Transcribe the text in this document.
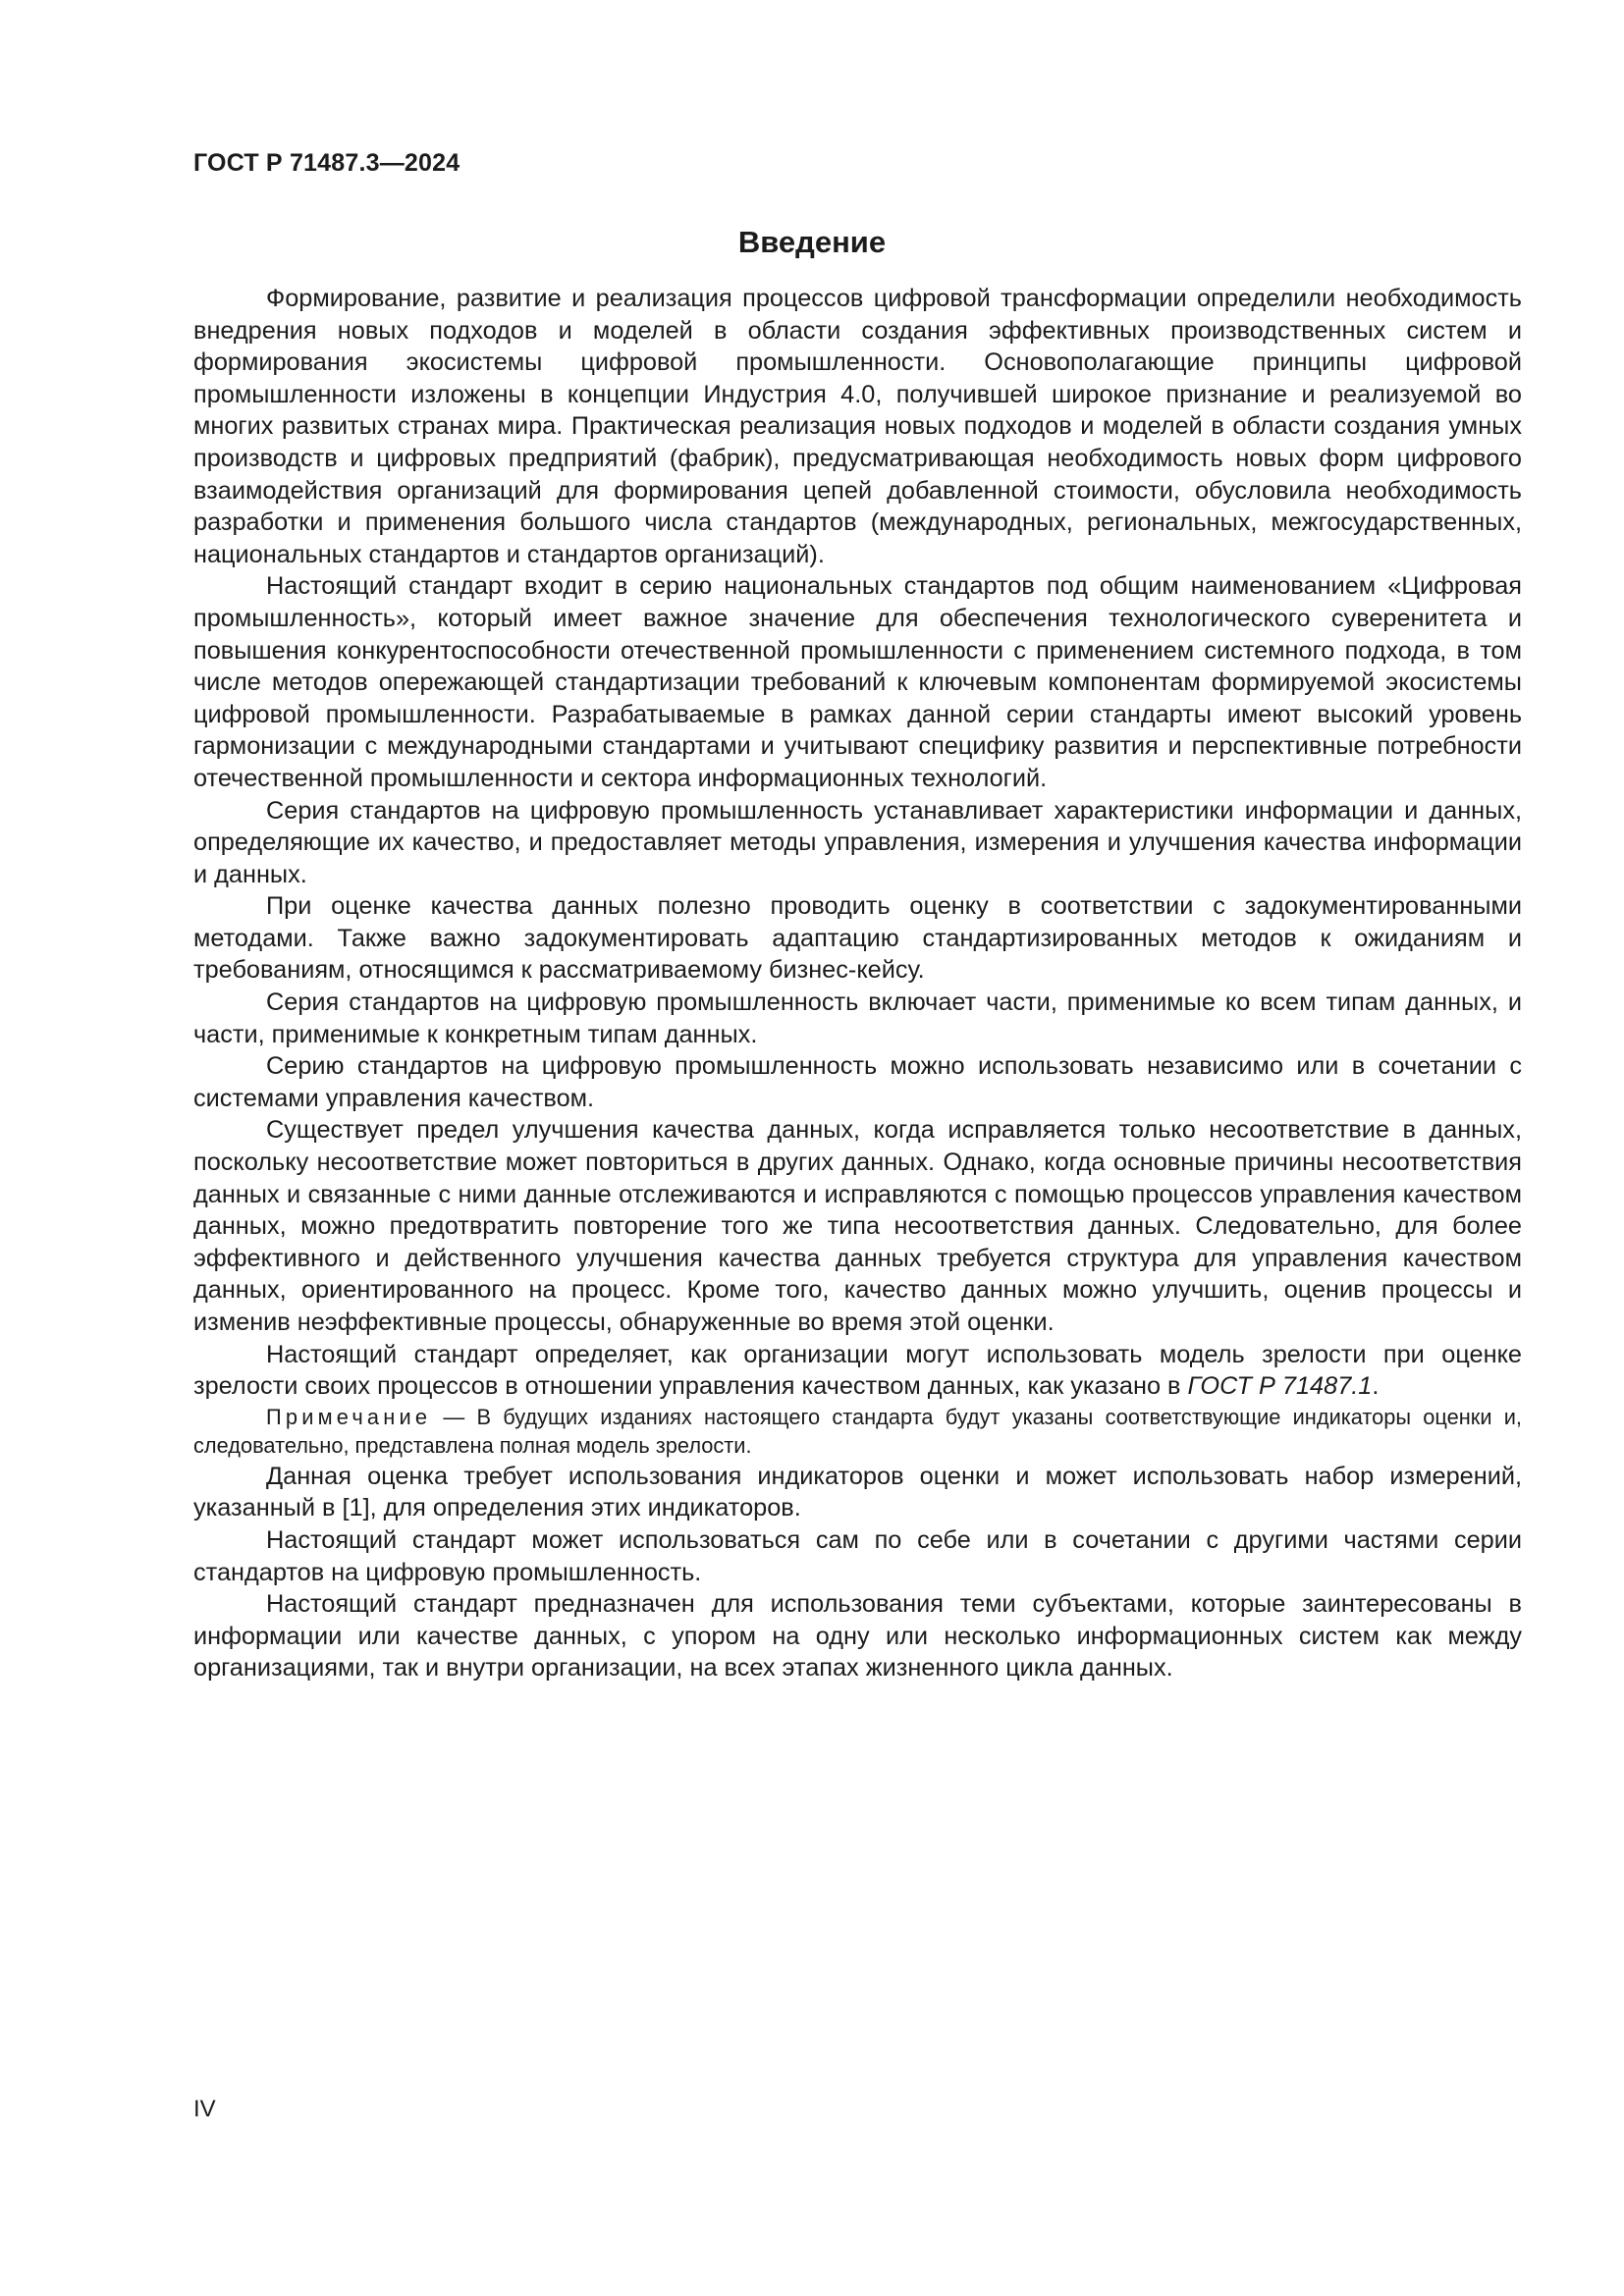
ГОСТ Р 71487.3—2024
Введение

Формирование, развитие и реализация процессов цифровой трансформации определили необходимость внедрения новых подходов и моделей в области создания эффективных производственных систем и формирования экосистемы цифровой промышленности. Основополагающие принципы цифровой промышленности изложены в концепции Индустрия 4.0, получившей широкое признание и реализуемой во многих развитых странах мира. Практическая реализация новых подходов и моделей в области создания умных производств и цифровых предприятий (фабрик), предусматривающая необходимость новых форм цифрового взаимодействия организаций для формирования цепей добавленной стоимости, обусловила необходимость разработки и применения большого числа стандартов (международных, региональных, межгосударственных, национальных стандартов и стандартов организаций).

Настоящий стандарт входит в серию национальных стандартов под общим наименованием «Цифровая промышленность», который имеет важное значение для обеспечения технологического суверенитета и повышения конкурентоспособности отечественной промышленности с применением системного подхода, в том числе методов опережающей стандартизации требований к ключевым компонентам формируемой экосистемы цифровой промышленности. Разрабатываемые в рамках данной серии стандарты имеют высокий уровень гармонизации с международными стандартами и учитывают специфику развития и перспективные потребности отечественной промышленности и сектора информационных технологий.

Серия стандартов на цифровую промышленность устанавливает характеристики информации и данных, определяющие их качество, и предоставляет методы управления, измерения и улучшения качества информации и данных.

При оценке качества данных полезно проводить оценку в соответствии с задокументированными методами. Также важно задокументировать адаптацию стандартизированных методов к ожиданиям и требованиям, относящимся к рассматриваемому бизнес-кейсу.

Серия стандартов на цифровую промышленность включает части, применимые ко всем типам данных, и части, применимые к конкретным типам данных.

Серию стандартов на цифровую промышленность можно использовать независимо или в сочетании с системами управления качеством.

Существует предел улучшения качества данных, когда исправляется только несоответствие в данных, поскольку несоответствие может повториться в других данных. Однако, когда основные причины несоответствия данных и связанные с ними данные отслеживаются и исправляются с помощью процессов управления качеством данных, можно предотвратить повторение того же типа несоответствия данных. Следовательно, для более эффективного и действенного улучшения качества данных требуется структура для управления качеством данных, ориентированного на процесс. Кроме того, качество данных можно улучшить, оценив процессы и изменив неэффективные процессы, обнаруженные во время этой оценки.

Настоящий стандарт определяет, как организации могут использовать модель зрелости при оценке зрелости своих процессов в отношении управления качеством данных, как указано в ГОСТ Р 71487.1.

Примечание — В будущих изданиях настоящего стандарта будут указаны соответствующие индикаторы оценки и, следовательно, представлена полная модель зрелости.

Данная оценка требует использования индикаторов оценки и может использовать набор измерений, указанный в [1], для определения этих индикаторов.

Настоящий стандарт может использоваться сам по себе или в сочетании с другими частями серии стандартов на цифровую промышленность.

Настоящий стандарт предназначен для использования теми субъектами, которые заинтересованы в информации или качестве данных, с упором на одну или несколько информационных систем как между организациями, так и внутри организации, на всех этапах жизненного цикла данных.

IV
